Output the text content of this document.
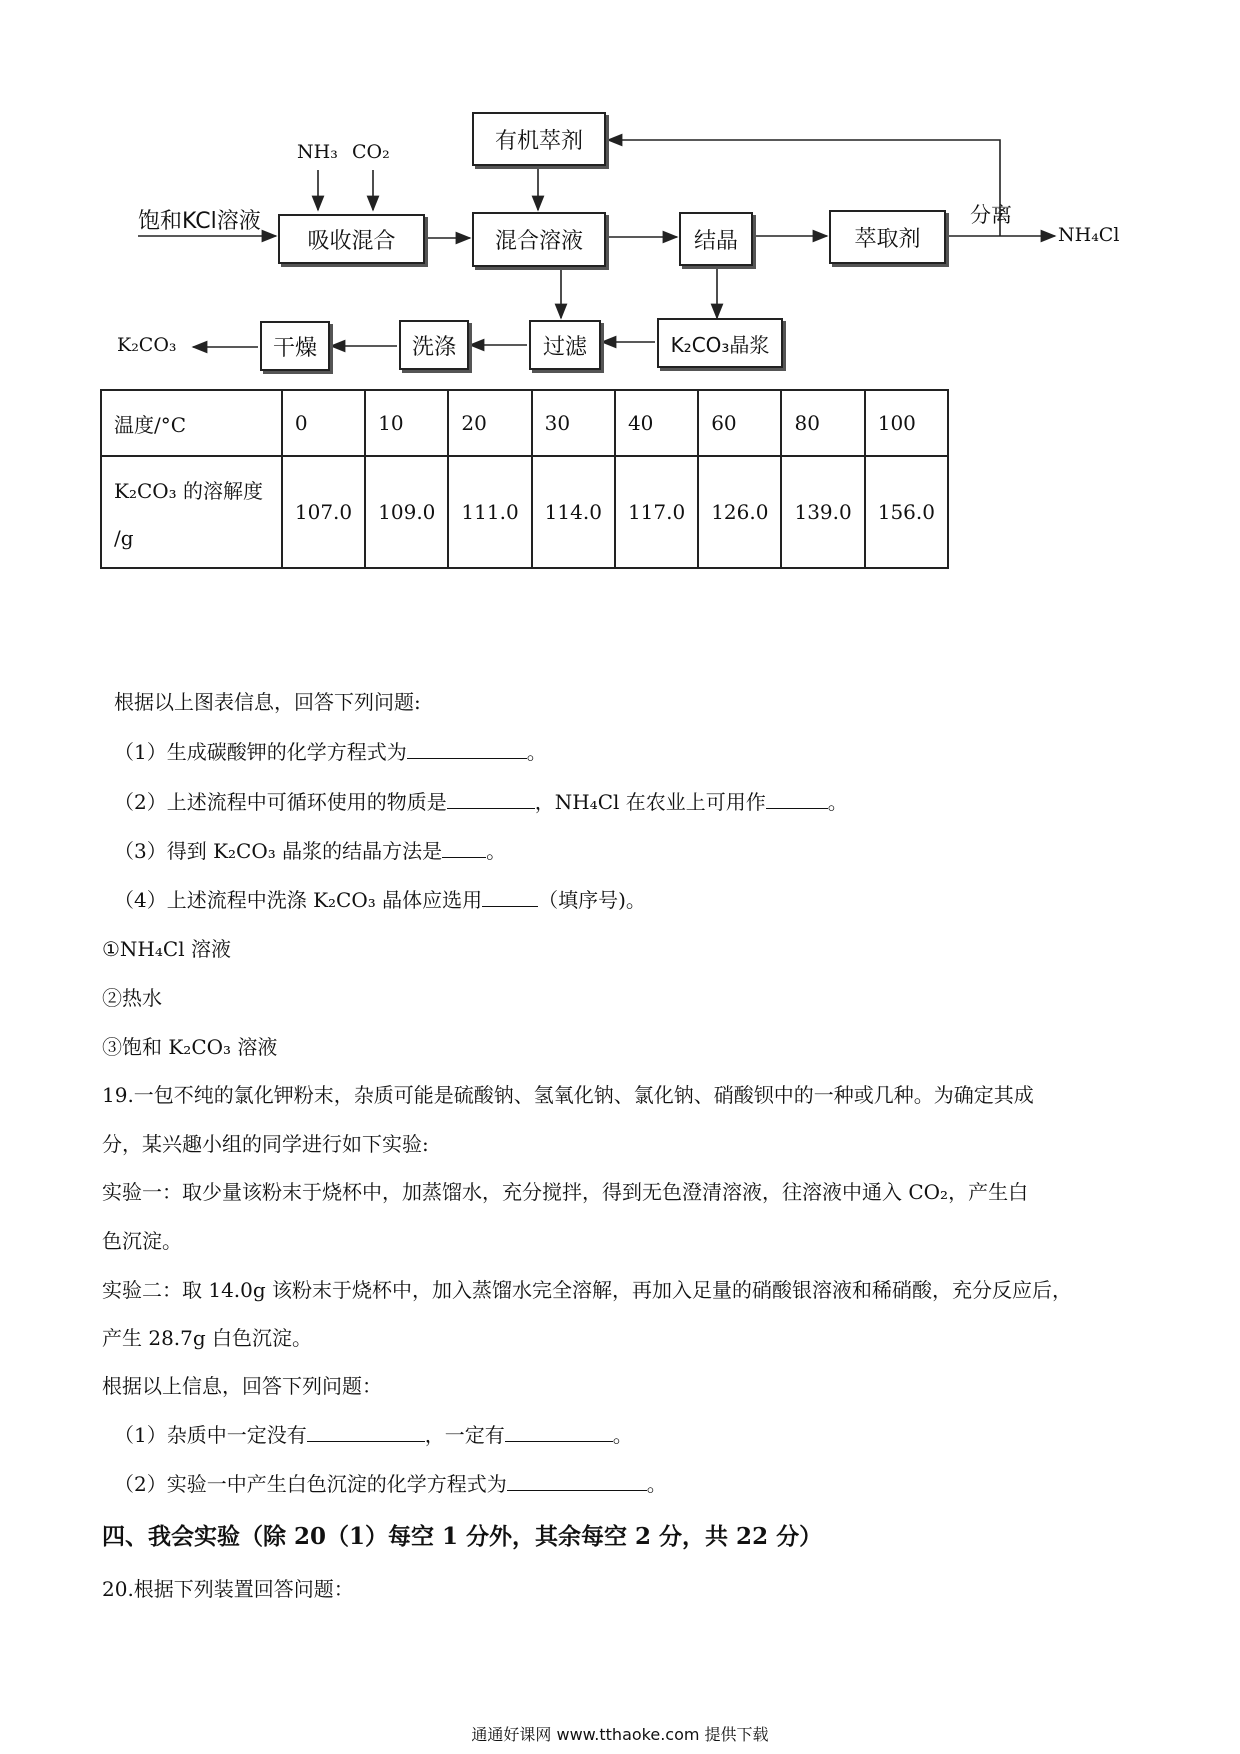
NH₃ CO₂
饱和KCl溶液
吸收混合
有机萃剂
混合溶液	结晶	萃取剂
分离
NH₄Cl
K₂CO₃晶浆
过滤
洗涤
干燥
K₂CO₃
温度/°C	0	10	20	30	40	60	80	100

K₂CO₃ 的溶解度
/g	107.0	109.0	111.0	114.0	117.0	126.0	139.0	156.0
根据以上图表信息，回答下列问题:
（1）生成碳酸钾的化学方程式为	。
（2）上述流程中可循环使用的物质是	，NH₄Cl 在农业上可用作	。
（3）得到 K₂CO₃ 晶浆的结晶方法是 。
（4）上述流程中洗涤 K₂CO₃ 晶体应选用	（填序号)。
①NH₄Cl 溶液
②热水
③饱和 K₂CO₃ 溶液
19.一包不纯的氯化钾粉末，杂质可能是硫酸钠、氢氧化钠、氯化钠、硝酸钡中的一种或几种。为确定其成
分，某兴趣小组的同学进行如下实验:
实验一：取少量该粉末于烧杯中，加蒸馏水，充分搅拌，得到无色澄清溶液，往溶液中通入 CO₂，产生白
色沉淀。
实验二：取 14.0g 该粉末于烧杯中，加入蒸馏水完全溶解，再加入足量的硝酸银溶液和稀硝酸，充分反应后，
产生 28.7g 白色沉淀。
根据以上信息，回答下列问题：
（1）杂质中一定没有	，一定有	。
（2）实验一中产生白色沉淀的化学方程式为	。
四、我会实验（除 20（1）每空 1 分外，其余每空 2 分，共 22 分）
20.根据下列装置回答问题：
通通好课网 www.tthaoke.com 提供下载
